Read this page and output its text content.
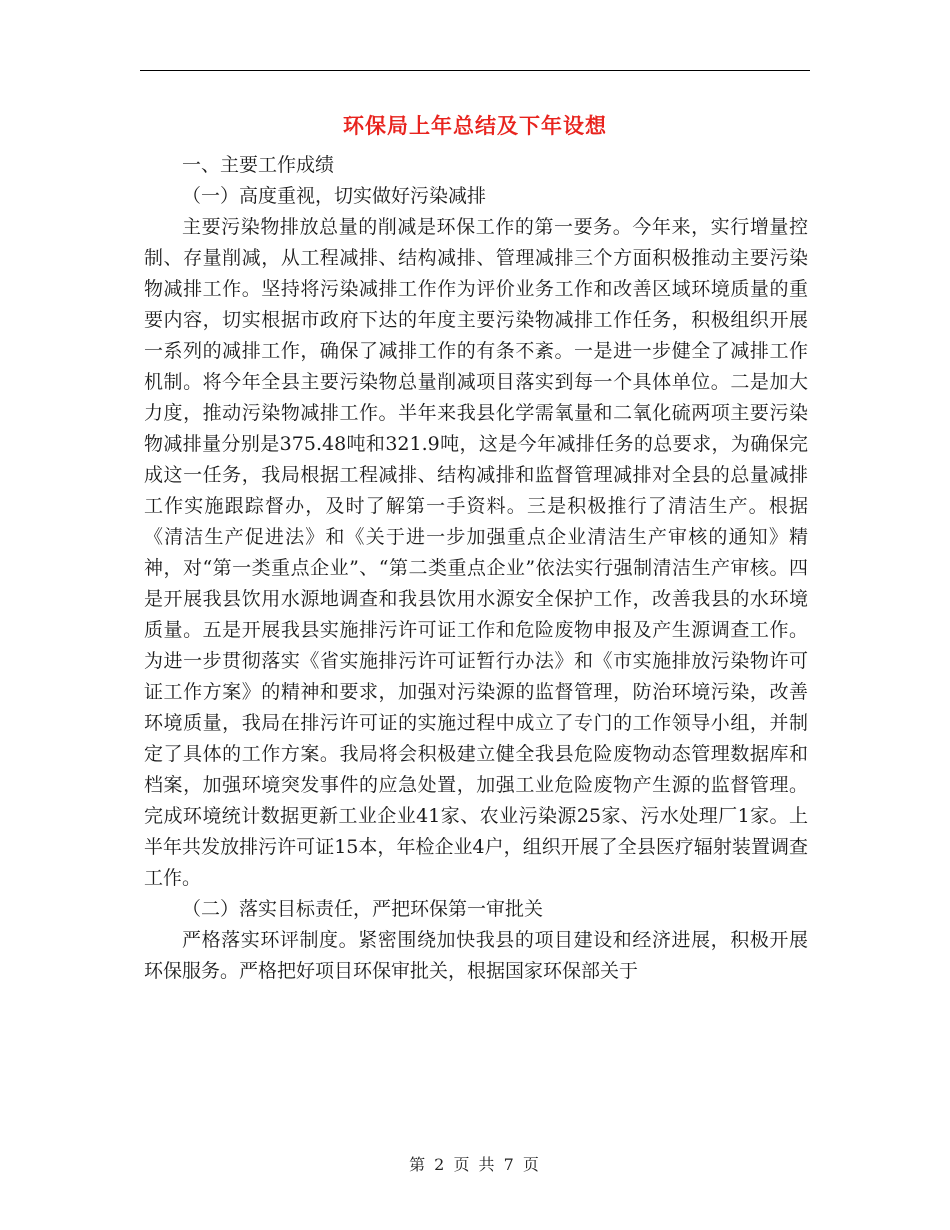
环保局上年总结及下年设想

一、主要工作成绩

（一）高度重视，切实做好污染减排

主要污染物排放总量的削减是环保工作的第一要务。今年来，实行增量控制、存量削减，从工程减排、结构减排、管理减排三个方面积极推动主要污染物减排工作。坚持将污染减排工作作为评价业务工作和改善区域环境质量的重要内容，切实根据市政府下达的年度主要污染物减排工作任务，积极组织开展一系列的减排工作，确保了减排工作的有条不紊。一是进一步健全了减排工作机制。将今年全县主要污染物总量削减项目落实到每一个具体单位。二是加大力度，推动污染物减排工作。半年来我县化学需氧量和二氧化硫两项主要污染物减排量分别是375.48吨和321.9吨，这是今年减排任务的总要求，为确保完成这一任务，我局根据工程减排、结构减排和监督管理减排对全县的总量减排工作实施跟踪督办，及时了解第一手资料。三是积极推行了清洁生产。根据《清洁生产促进法》和《关于进一步加强重点企业清洁生产审核的通知》精神，对“第一类重点企业”、“第二类重点企业”依法实行强制清洁生产审核。四是开展我县饮用水源地调查和我县饮用水源安全保护工作，改善我县的水环境质量。五是开展我县实施排污许可证工作和危险废物申报及产生源调查工作。为进一步贯彻落实《省实施排污许可证暂行办法》和《市实施排放污染物许可证工作方案》的精神和要求，加强对污染源的监督管理，防治环境污染，改善环境质量，我局在排污许可证的实施过程中成立了专门的工作领导小组，并制定了具体的工作方案。我局将会积极建立健全我县危险废物动态管理数据库和档案，加强环境突发事件的应急处置，加强工业危险废物产生源的监督管理。完成环境统计数据更新工业企业41家、农业污染源25家、污水处理厂1家。上半年共发放排污许可证15本，年检企业4户，组织开展了全县医疗辐射装置调查工作。

（二）落实目标责任，严把环保第一审批关

严格落实环评制度。紧密围绕加快我县的项目建设和经济进展，积极开展环保服务。严格把好项目环保审批关，根据国家环保部关于

第 2 页 共 7 页
